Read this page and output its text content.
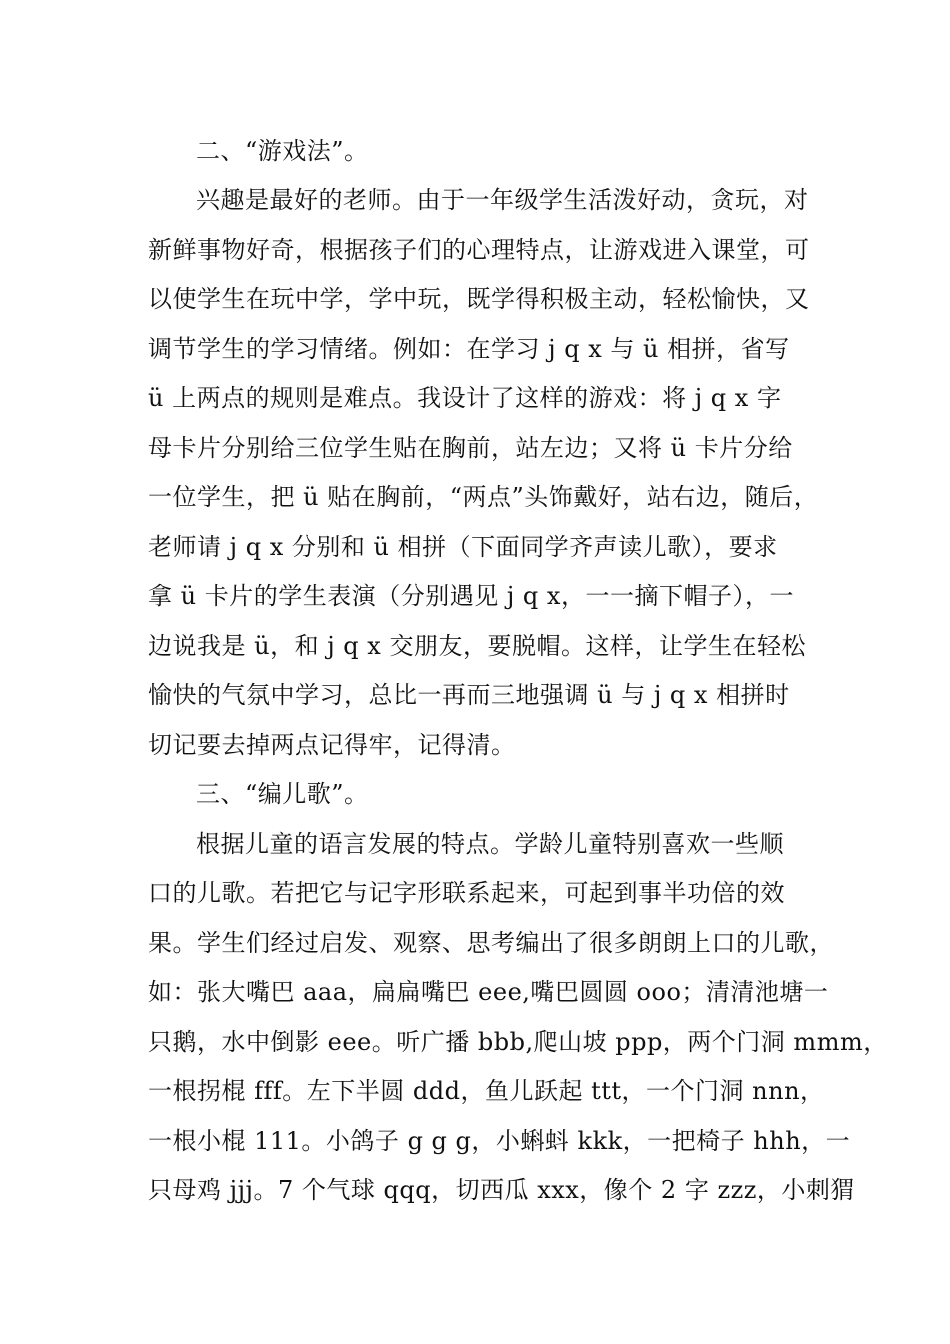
二、“游戏法”。
兴趣是最好的老师。由于一年级学生活泼好动，贪玩，对
新鲜事物好奇，根据孩子们的心理特点，让游戏进入课堂，可
以使学生在玩中学，学中玩，既学得积极主动，轻松愉快，又
调节学生的学习情绪。例如：在学习 j q x 与 ü 相拼，省写
ü 上两点的规则是难点。我设计了这样的游戏：将 j q x 字
母卡片分别给三位学生贴在胸前，站左边；又将 ü 卡片分给
一位学生，把 ü 贴在胸前，“两点”头饰戴好，站右边，随后，
老师请 j q x 分别和 ü 相拼（下面同学齐声读儿歌），要求
拿 ü 卡片的学生表演（分别遇见 j q x，一一摘下帽子），一
边说我是 ü，和 j q x 交朋友，要脱帽。这样，让学生在轻松
愉快的气氛中学习，总比一再而三地强调 ü 与 j q x 相拼时
切记要去掉两点记得牢，记得清。
三、“编儿歌”。
根据儿童的语言发展的特点。学龄儿童特别喜欢一些顺
口的儿歌。若把它与记字形联系起来，可起到事半功倍的效
果。学生们经过启发、观察、思考编出了很多朗朗上口的儿歌，
如：张大嘴巴 aaa，扁扁嘴巴 eee,嘴巴圆圆 ooo；清清池塘一
只鹅，水中倒影 eee。听广播 bbb,爬山坡 ppp，两个门洞 mmm，
一根拐棍 fff。左下半圆 ddd，鱼儿跃起 ttt，一个门洞 nnn，
一根小棍 111。小鸽子 g g g，小蝌蚪 kkk，一把椅子 hhh，一
只母鸡 jjj。7 个气球 qqq，切西瓜 xxx，像个 2 字 zzz，小刺猬
